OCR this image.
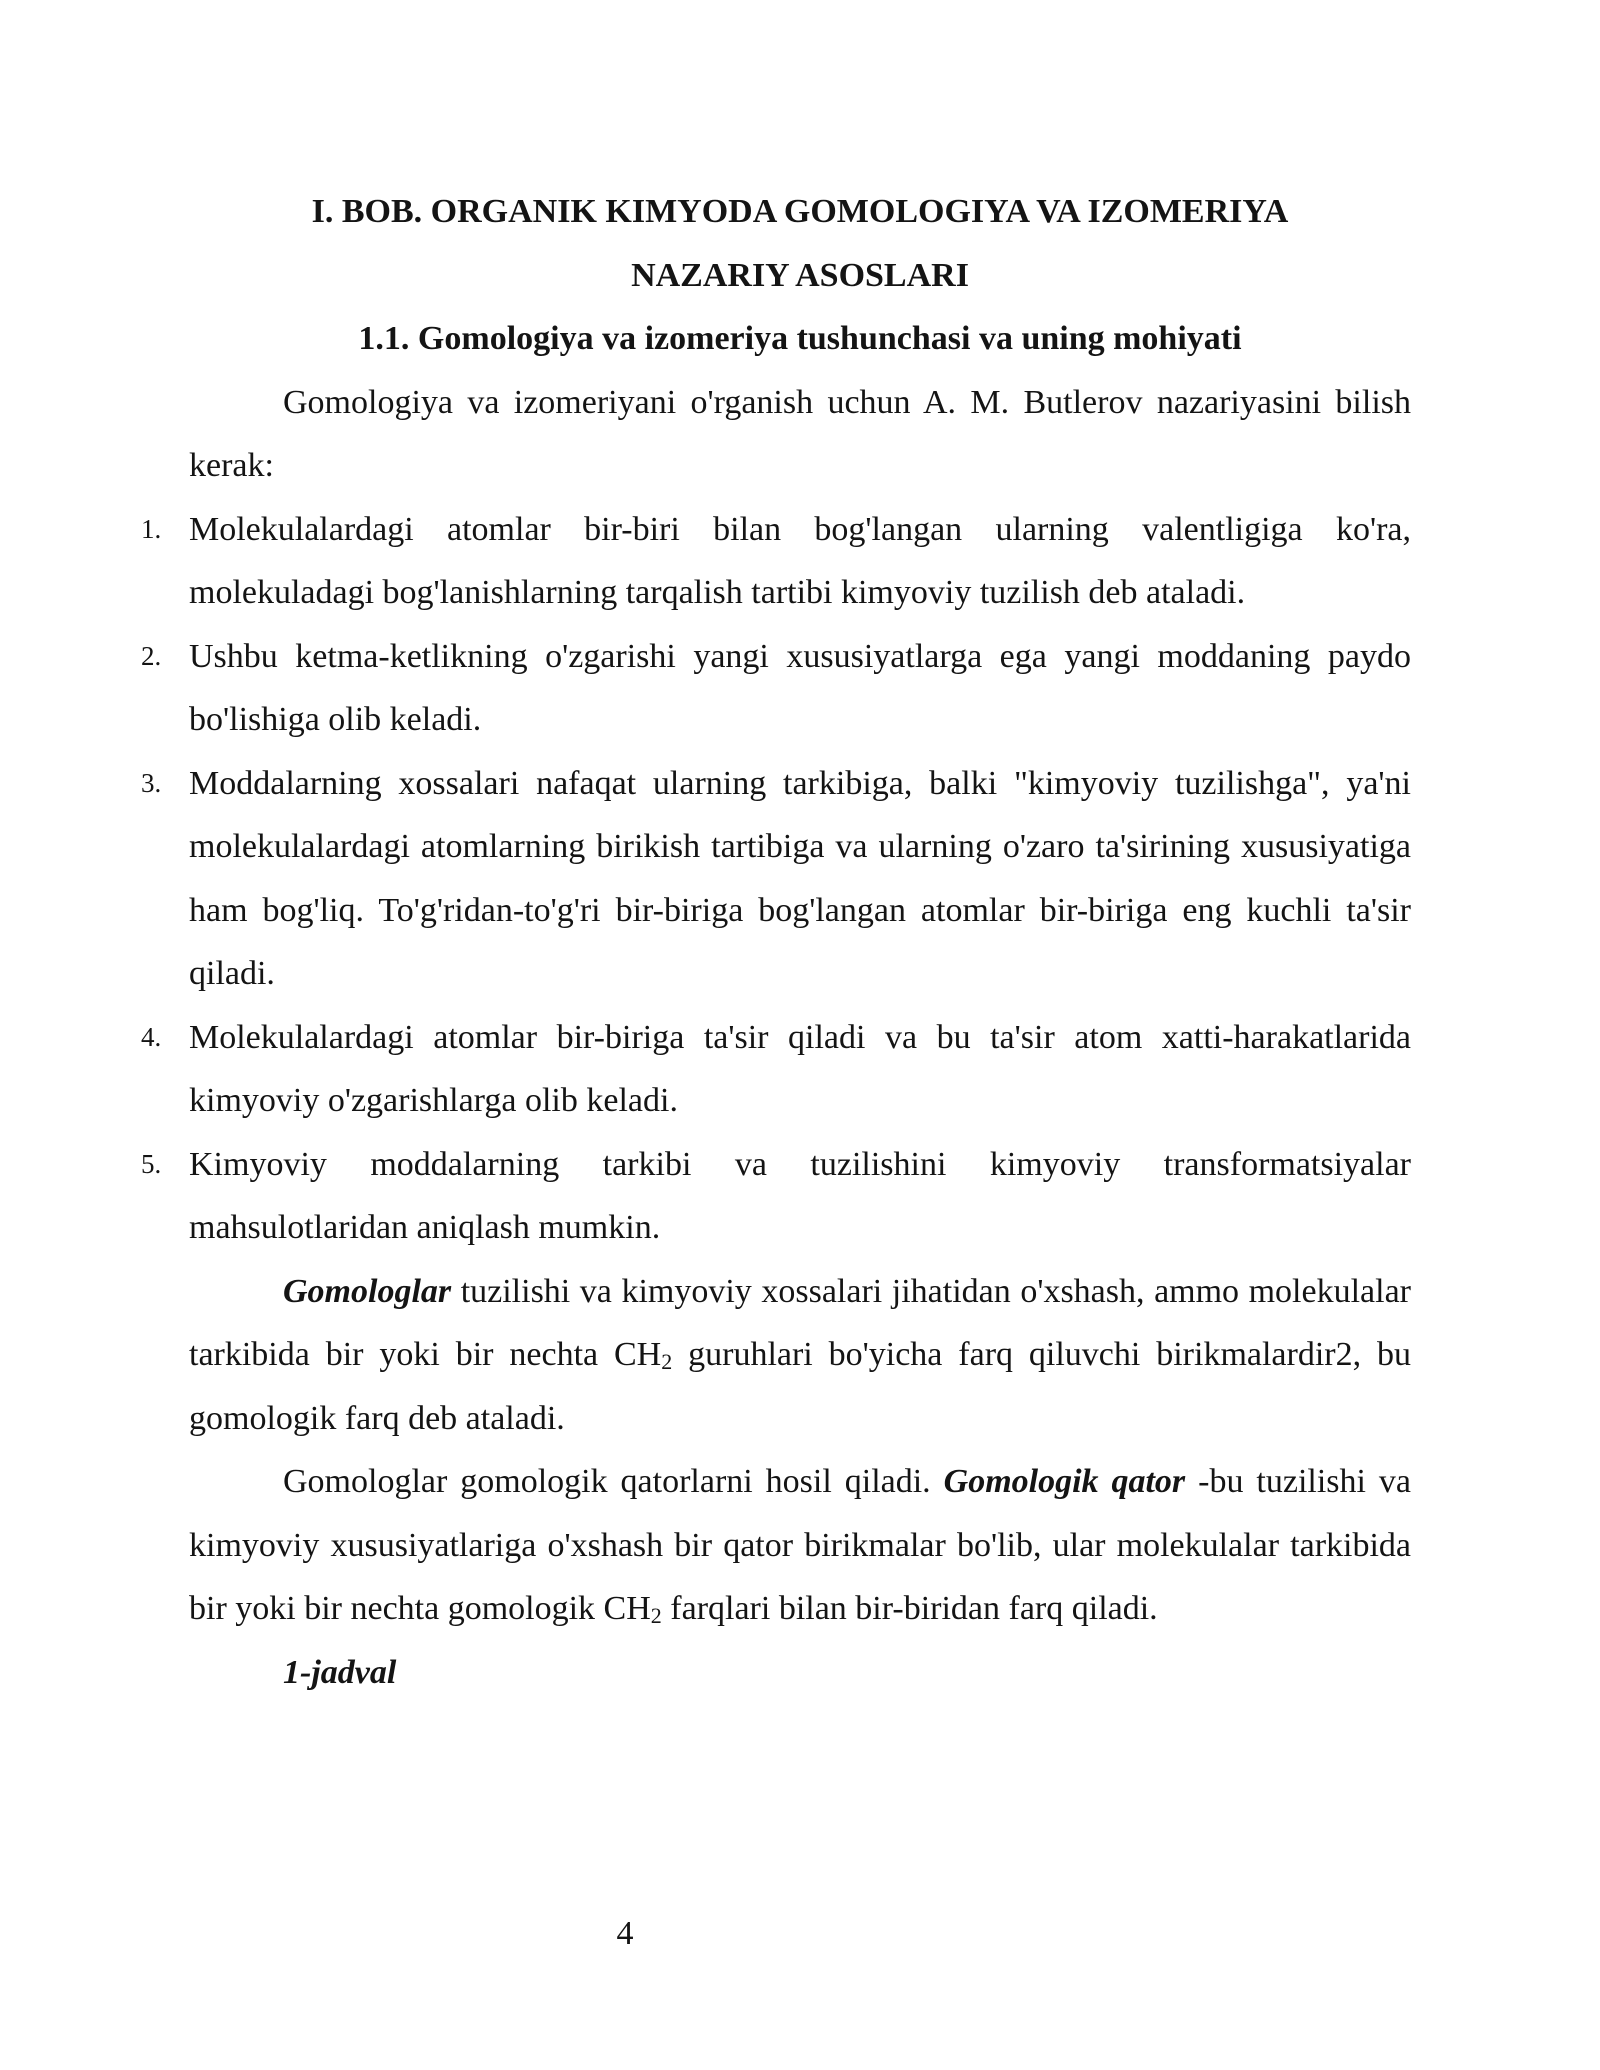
I. BOB. ORGANIK KIMYODA GOMOLOGIYA VA IZOMERIYA

NAZARIY ASOSLARI

1.1. Gomologiya va izomeriya tushunchasi va uning mohiyati

Gomologiya va izomeriyani o'rganish uchun A. M. Butlerov nazariyasini bilish kerak:

1. Molekulalardagi atomlar bir-biri bilan bog'langan ularning valentligiga ko'ra, molekuladagi bog'lanishlarning tarqalish tartibi kimyoviy tuzilish deb ataladi.
2. Ushbu ketma-ketlikning o'zgarishi yangi xususiyatlarga ega yangi moddaning paydo bo'lishiga olib keladi.
3. Moddalarning xossalari nafaqat ularning tarkibiga, balki "kimyoviy tuzilishga", ya'ni molekulalardagi atomlarning birikish tartibiga va ularning o'zaro ta'sirining xususiyatiga ham bog'liq. To'g'ridan-to'g'ri bir-biriga bog'langan atomlar bir-biriga eng kuchli ta'sir qiladi.
4. Molekulalardagi atomlar bir-biriga ta'sir qiladi va bu ta'sir atom xatti-harakatlarida kimyoviy o'zgarishlarga olib keladi.
5. Kimyoviy moddalarning tarkibi va tuzilishini kimyoviy transformatsiyalar mahsulotlaridan aniqlash mumkin.

Gomologlar tuzilishi va kimyoviy xossalari jihatidan o'xshash, ammo molekulalar tarkibida bir yoki bir nechta $CH_2$ guruhlari bo'yicha farq qiluvchi birikmalardir2, bu gomologik farq deb ataladi.

Gomologlar gomologik qatorlarni hosil qiladi. Gomologik qator -bu tuzilishi va kimyoviy xususiyatlariga o'xshash bir qator birikmalar bo'lib, ular molekulalar tarkibida bir yoki bir nechta gomologik $CH_2$ farqlari bilan bir-biridan farq qiladi.

1-jadval

4
